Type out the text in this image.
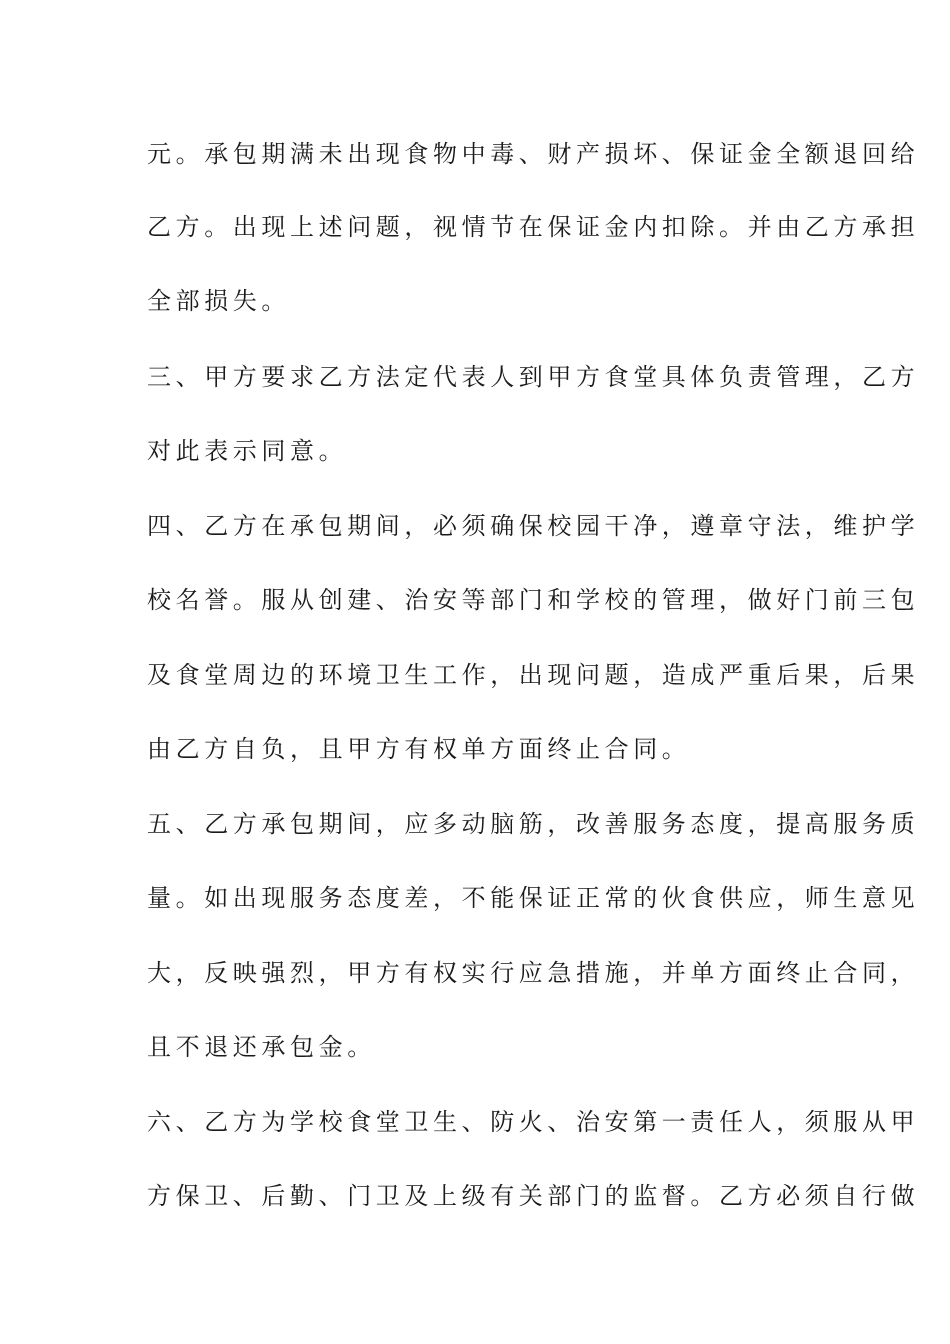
元。承包期满未出现食物中毒、财产损坏、保证金全额退回给
乙方。出现上述问题，视情节在保证金内扣除。并由乙方承担
全部损失。
三、甲方要求乙方法定代表人到甲方食堂具体负责管理，乙方
对此表示同意。
四、乙方在承包期间，必须确保校园干净，遵章守法，维护学
校名誉。服从创建、治安等部门和学校的管理，做好门前三包
及食堂周边的环境卫生工作，出现问题，造成严重后果，后果
由乙方自负，且甲方有权单方面终止合同。
五、乙方承包期间，应多动脑筋，改善服务态度，提高服务质
量。如出现服务态度差，不能保证正常的伙食供应，师生意见
大，反映强烈，甲方有权实行应急措施，并单方面终止合同，
且不退还承包金。
六、乙方为学校食堂卫生、防火、治安第一责任人，须服从甲
方保卫、后勤、门卫及上级有关部门的监督。乙方必须自行做
